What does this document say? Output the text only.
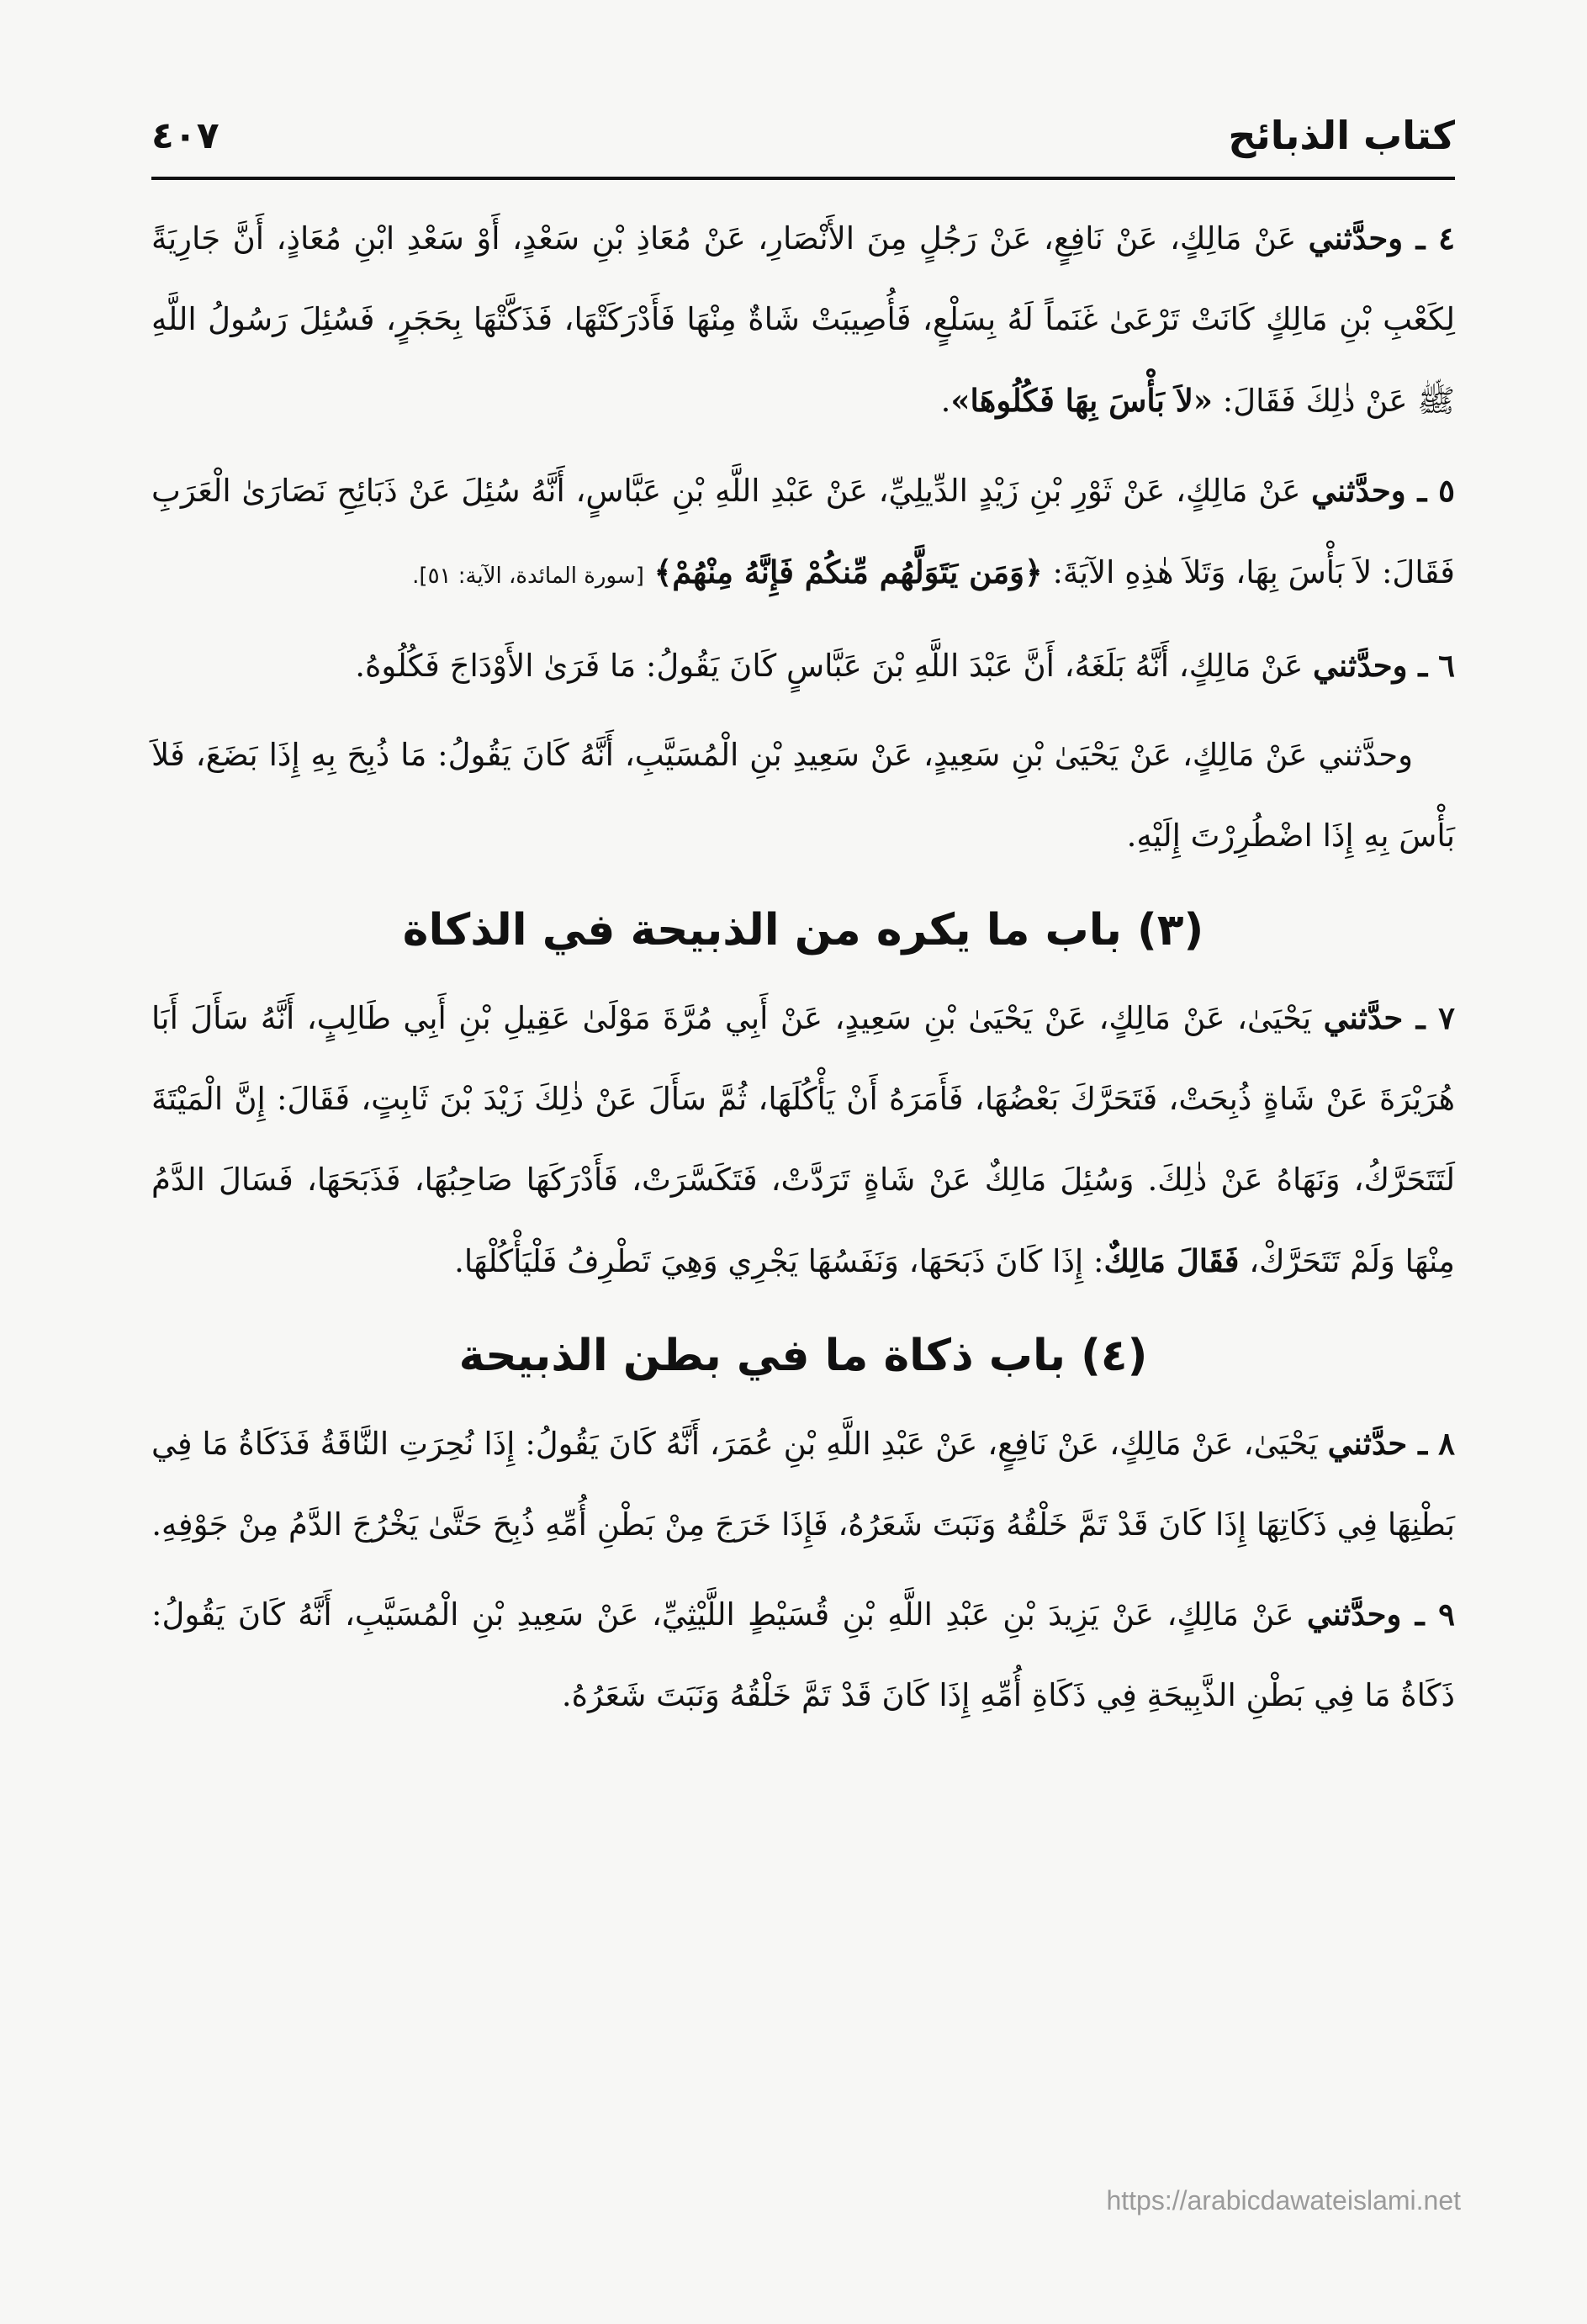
كتاب الذبائح
٤٠٧

٤ ـ وحدَّثني عَنْ مَالِكٍ، عَنْ نَافِعٍ، عَنْ رَجُلٍ مِنَ الأَنْصَارِ، عَنْ مُعَاذِ بْنِ سَعْدٍ، أَوْ سَعْدِ ابْنِ مُعَاذٍ، أَنَّ جَارِيَةً لِكَعْبِ بْنِ مَالِكٍ كَانَتْ تَرْعَىٰ غَنَماً لَهُ بِسَلْعٍ، فَأُصِيبَتْ شَاةٌ مِنْهَا فَأَدْرَكَتْهَا، فَذَكَّتْهَا بِحَجَرٍ، فَسُئِلَ رَسُولُ اللَّهِ ﷺ عَنْ ذٰلِكَ فَقَالَ: «لاَ بَأْسَ بِهَا فَكُلُوهَا».

٥ ـ وحدَّثني عَنْ مَالِكٍ، عَنْ ثَوْرِ بْنِ زَيْدٍ الدِّيلِيِّ، عَنْ عَبْدِ اللَّهِ بْنِ عَبَّاسٍ، أَنَّهُ سُئِلَ عَنْ ذَبَائِحِ نَصَارَىٰ الْعَرَبِ فَقَالَ: لاَ بَأْسَ بِهَا، وَتَلاَ هٰذِهِ الآيَةَ: ﴿وَمَن يَتَوَلَّهُم مِّنكُمْ فَإِنَّهُ مِنْهُمْ﴾ [سورة المائدة، الآية: ٥١].

٦ ـ وحدَّثني عَنْ مَالِكٍ، أَنَّهُ بَلَغَهُ، أَنَّ عَبْدَ اللَّهِ بْنَ عَبَّاسٍ كَانَ يَقُولُ: مَا فَرَىٰ الأَوْدَاجَ فَكُلُوهُ.

وحدَّثني عَنْ مَالِكٍ، عَنْ يَحْيَىٰ بْنِ سَعِيدٍ، عَنْ سَعِيدِ بْنِ الْمُسَيَّبِ، أَنَّهُ كَانَ يَقُولُ: مَا ذُبِحَ بِهِ إِذَا بَضَعَ، فَلاَ بَأْسَ بِهِ إِذَا اضْطُرِرْتَ إِلَيْهِ.

(٣) باب ما يكره من الذبيحة في الذكاة

٧ ـ حدَّثني يَحْيَىٰ، عَنْ مَالِكٍ، عَنْ يَحْيَىٰ بْنِ سَعِيدٍ، عَنْ أَبِي مُرَّةَ مَوْلَىٰ عَقِيلِ بْنِ أَبِي طَالِبٍ، أَنَّهُ سَأَلَ أَبَا هُرَيْرَةَ عَنْ شَاةٍ ذُبِحَتْ، فَتَحَرَّكَ بَعْضُهَا، فَأَمَرَهُ أَنْ يَأْكُلَهَا، ثُمَّ سَأَلَ عَنْ ذٰلِكَ زَيْدَ بْنَ ثَابِتٍ، فَقَالَ: إِنَّ الْمَيْتَةَ لَتَتَحَرَّكُ، وَنَهَاهُ عَنْ ذٰلِكَ. وَسُئِلَ مَالِكٌ عَنْ شَاةٍ تَرَدَّتْ، فَتَكَسَّرَتْ، فَأَدْرَكَهَا صَاحِبُهَا، فَذَبَحَهَا، فَسَالَ الدَّمُ مِنْهَا وَلَمْ تَتَحَرَّكْ، فَقَالَ مَالِكٌ: إِذَا كَانَ ذَبَحَهَا، وَنَفَسُهَا يَجْرِي وَهِيَ تَطْرِفُ فَلْيَأْكُلْهَا.

(٤) باب ذكاة ما في بطن الذبيحة

٨ ـ حدَّثني يَحْيَىٰ، عَنْ مَالِكٍ، عَنْ نَافِعٍ، عَنْ عَبْدِ اللَّهِ بْنِ عُمَرَ، أَنَّهُ كَانَ يَقُولُ: إِذَا نُحِرَتِ النَّاقَةُ فَذَكَاةُ مَا فِي بَطْنِهَا فِي ذَكَاتِهَا إِذَا كَانَ قَدْ تَمَّ خَلْقُهُ وَنَبَتَ شَعَرُهُ، فَإِذَا خَرَجَ مِنْ بَطْنِ أُمِّهِ ذُبِحَ حَتَّىٰ يَخْرُجَ الدَّمُ مِنْ جَوْفِهِ.

٩ ـ وحدَّثني عَنْ مَالِكٍ، عَنْ يَزِيدَ بْنِ عَبْدِ اللَّهِ بْنِ قُسَيْطٍ اللَّيْثِيِّ، عَنْ سَعِيدِ بْنِ الْمُسَيَّبِ، أَنَّهُ كَانَ يَقُولُ: ذَكَاةُ مَا فِي بَطْنِ الذَّبِيحَةِ فِي ذَكَاةِ أُمِّهِ إِذَا كَانَ قَدْ تَمَّ خَلْقُهُ وَنَبَتَ شَعَرُهُ.

https://arabicdawateislami.net
